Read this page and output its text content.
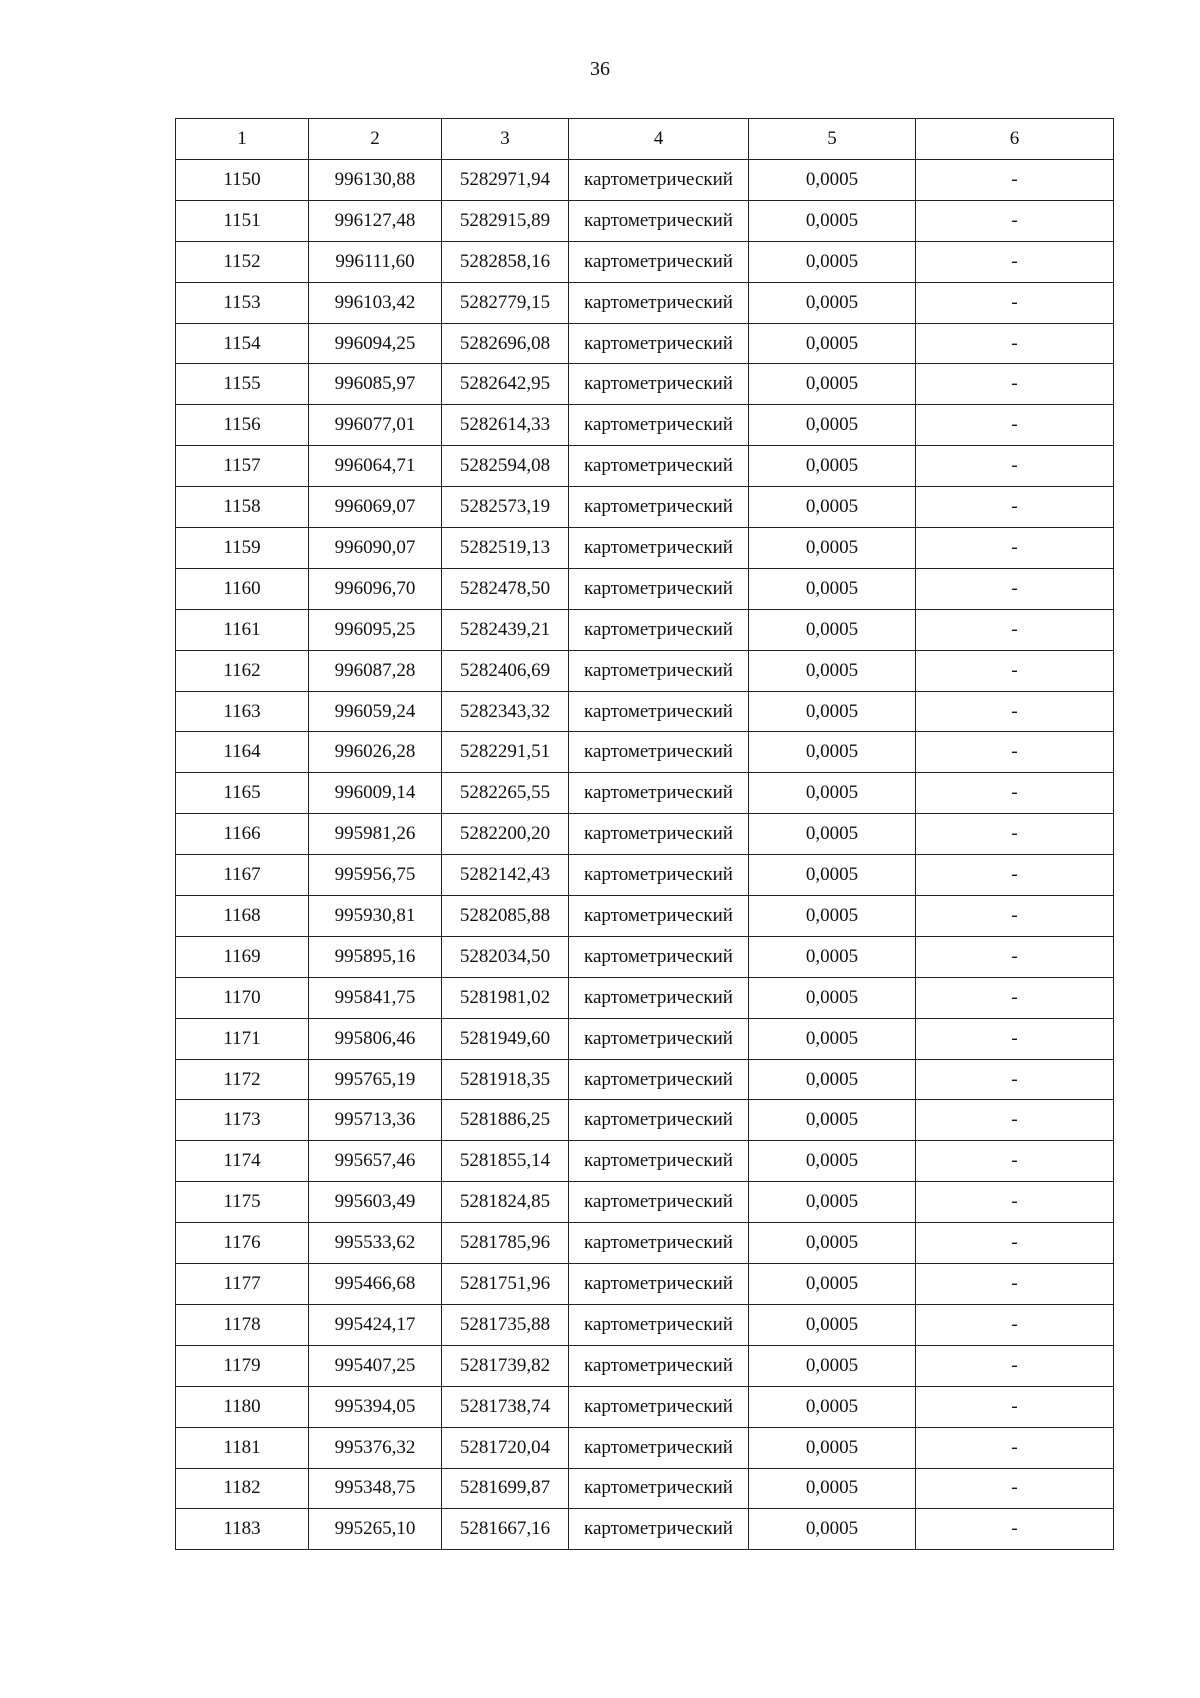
36
1	2	3	4	5	6
1150	996130,88	5282971,94	картометрический	0,0005	-
1151	996127,48	5282915,89	картометрический	0,0005	-
1152	996111,60	5282858,16	картометрический	0,0005	-
1153	996103,42	5282779,15	картометрический	0,0005	-
1154	996094,25	5282696,08	картометрический	0,0005	-
1155	996085,97	5282642,95	картометрический	0,0005	-
1156	996077,01	5282614,33	картометрический	0,0005	-
1157	996064,71	5282594,08	картометрический	0,0005	-
1158	996069,07	5282573,19	картометрический	0,0005	-
1159	996090,07	5282519,13	картометрический	0,0005	-
1160	996096,70	5282478,50	картометрический	0,0005	-
1161	996095,25	5282439,21	картометрический	0,0005	-
1162	996087,28	5282406,69	картометрический	0,0005	-
1163	996059,24	5282343,32	картометрический	0,0005	-
1164	996026,28	5282291,51	картометрический	0,0005	-
1165	996009,14	5282265,55	картометрический	0,0005	-
1166	995981,26	5282200,20	картометрический	0,0005	-
1167	995956,75	5282142,43	картометрический	0,0005	-
1168	995930,81	5282085,88	картометрический	0,0005	-
1169	995895,16	5282034,50	картометрический	0,0005	-
1170	995841,75	5281981,02	картометрический	0,0005	-
1171	995806,46	5281949,60	картометрический	0,0005	-
1172	995765,19	5281918,35	картометрический	0,0005	-
1173	995713,36	5281886,25	картометрический	0,0005	-
1174	995657,46	5281855,14	картометрический	0,0005	-
1175	995603,49	5281824,85	картометрический	0,0005	-
1176	995533,62	5281785,96	картометрический	0,0005	-
1177	995466,68	5281751,96	картометрический	0,0005	-
1178	995424,17	5281735,88	картометрический	0,0005	-
1179	995407,25	5281739,82	картометрический	0,0005	-
1180	995394,05	5281738,74	картометрический	0,0005	-
1181	995376,32	5281720,04	картометрический	0,0005	-
1182	995348,75	5281699,87	картометрический	0,0005	-
1183	995265,10	5281667,16	картометрический	0,0005	-
